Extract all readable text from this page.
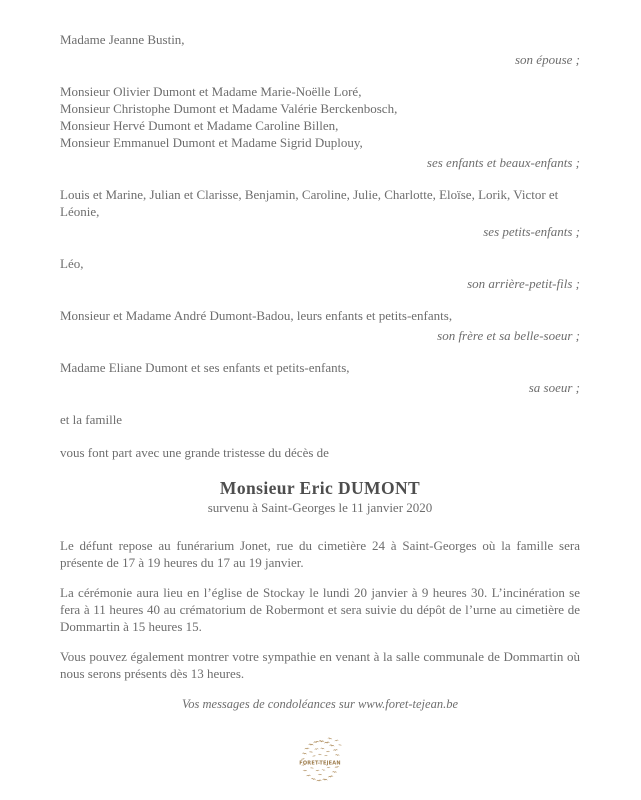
Madame Jeanne Bustin,

son épouse ;

Monsieur Olivier Dumont et Madame Marie-Noëlle Loré,

Monsieur Christophe Dumont et Madame Valérie Berckenbosch,

Monsieur Hervé Dumont et Madame Caroline Billen,

Monsieur Emmanuel Dumont et Madame Sigrid Duplouy,

ses enfants et beaux-enfants ;

Louis et Marine, Julian et Clarisse, Benjamin, Caroline, Julie, Charlotte, Eloïse, Lorik, Victor et Léonie,

ses petits-enfants ;

Léo,

son arrière-petit-fils ;

Monsieur et Madame André Dumont-Badou, leurs enfants et petits-enfants,

son frère et sa belle-soeur ;

Madame Eliane Dumont et ses enfants et petits-enfants,

sa soeur ;

et la famille

vous font part avec une grande tristesse du décès de

Monsieur Eric DUMONT

survenu à Saint-Georges le 11 janvier 2020

Le défunt repose au funérarium Jonet, rue du cimetière 24 à Saint-Georges où la famille sera présente de 17 à 19 heures du 17 au 19 janvier.

La cérémonie aura lieu en l’église de Stockay le lundi 20 janvier à 9 heures 30. L’incinération se fera à 11 heures 40 au crématorium de Robermont et sera suivie du dépôt de l’urne au cimetière de Dommartin à 15 heures 15.

Vous pouvez également montrer votre sympathie en venant à la salle communale de Dommartin où nous serons présents dès 13 heures.

Vos messages de condoléances sur www.foret-tejean.be

FORET-TEJEAN
